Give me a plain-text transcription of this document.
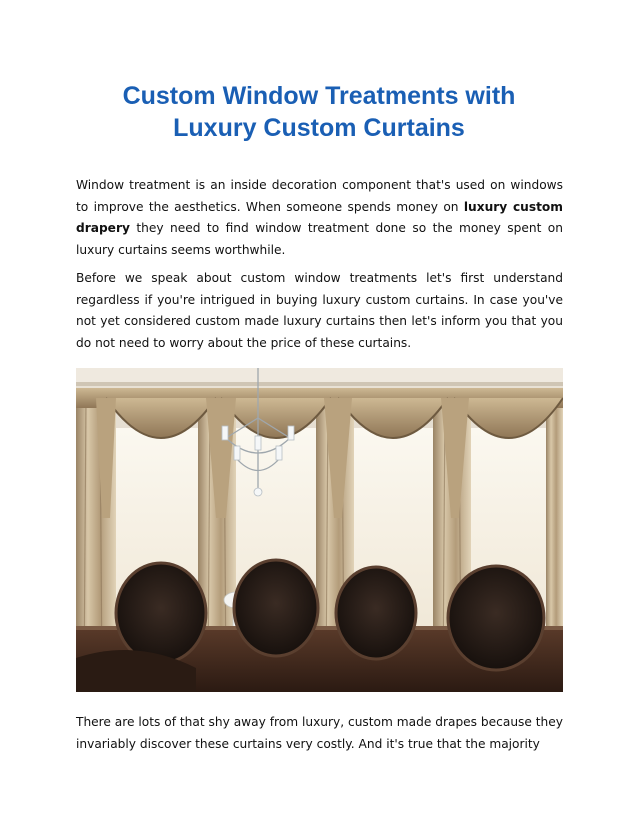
Custom Window Treatments with
Luxury Custom Curtains

Window treatment is an inside decoration component that's used on windows to improve the aesthetics. When someone spends money on luxury custom drapery they need to find window treatment done so the money spent on luxury curtains seems worthwhile.

Before we speak about custom window treatments let's first understand regardless if you're intrigued in buying luxury custom curtains. In case you've not yet considered custom made luxury curtains then let's inform you that you do not need to worry about the price of these curtains.

There are lots of that shy away from luxury, custom made drapes because they invariably discover these curtains very costly. And it's true that the majority
